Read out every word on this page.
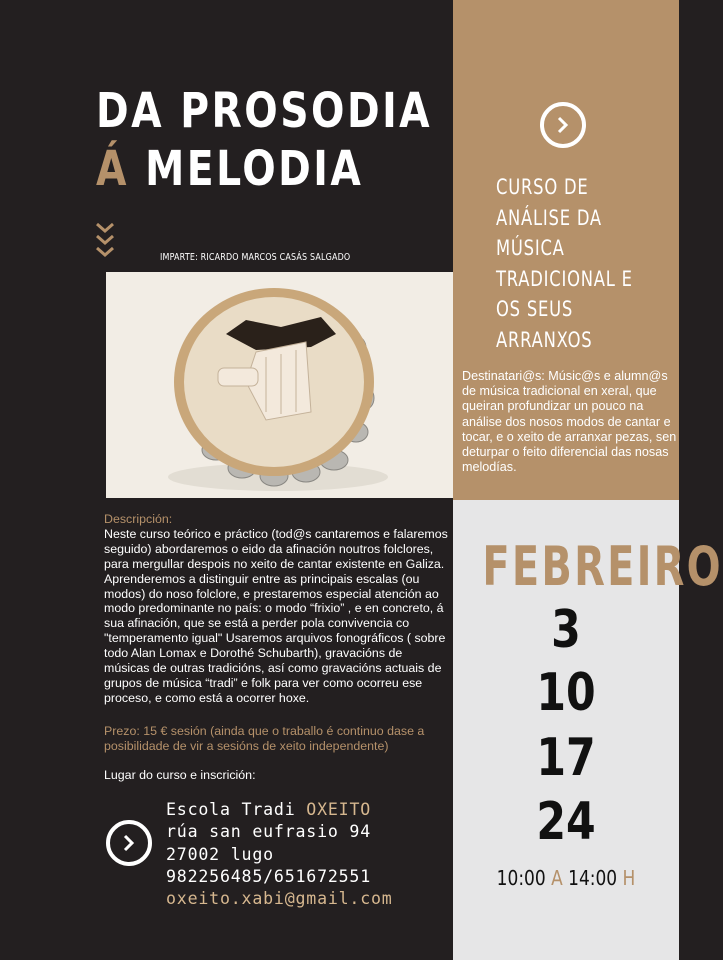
DA PROSODIA
Á MELODIA
IMPARTE: RICARDO MARCOS CASÁS SALGADO
CURSO DE
ANÁLISE DA
MÚSICA
TRADICIONAL E
OS SEUS
ARRANXOS
Destinatari@s: Músic@s e alumn@s de música tradicional en xeral, que queiran profundizar un pouco na análise dos nosos modos de cantar e tocar, e o xeito de arranxar pezas, sen deturpar o feito diferencial das nosas melodías.
Descripción:
Neste curso teórico e práctico (tod@s cantaremos e falaremos seguido) abordaremos o eido da afinación noutros folclores, para mergullar despois no xeito de cantar existente en Galiza. Aprenderemos a distinguir entre as principais escalas (ou modos) do noso folclore, e prestaremos especial atención ao modo predominante no país: o modo “frixio” , e en concreto, á sua afinación, que se está a perder pola convivencia co "temperamento igual" Usaremos arquivos fonográficos ( sobre todo Alan Lomax e Dorothé Schubarth), gravacións de músicas de outras tradicións, así como gravacións actuais de grupos de música “tradi” e folk para ver como ocorreu ese proceso, e como está a ocorrer hoxe.
Prezo: 15 € sesión (ainda que o traballo é continuo dase a posibilidade de vir a sesións de xeito independente)
Lugar do curso e inscrición:
Escola Tradi OXEITO
rúa san eufrasio 94
27002 lugo
982256485/651672551
oxeito.xabi@gmail.com
FEBREIRO
3
10
17
24
10:00 A 14:00 H
